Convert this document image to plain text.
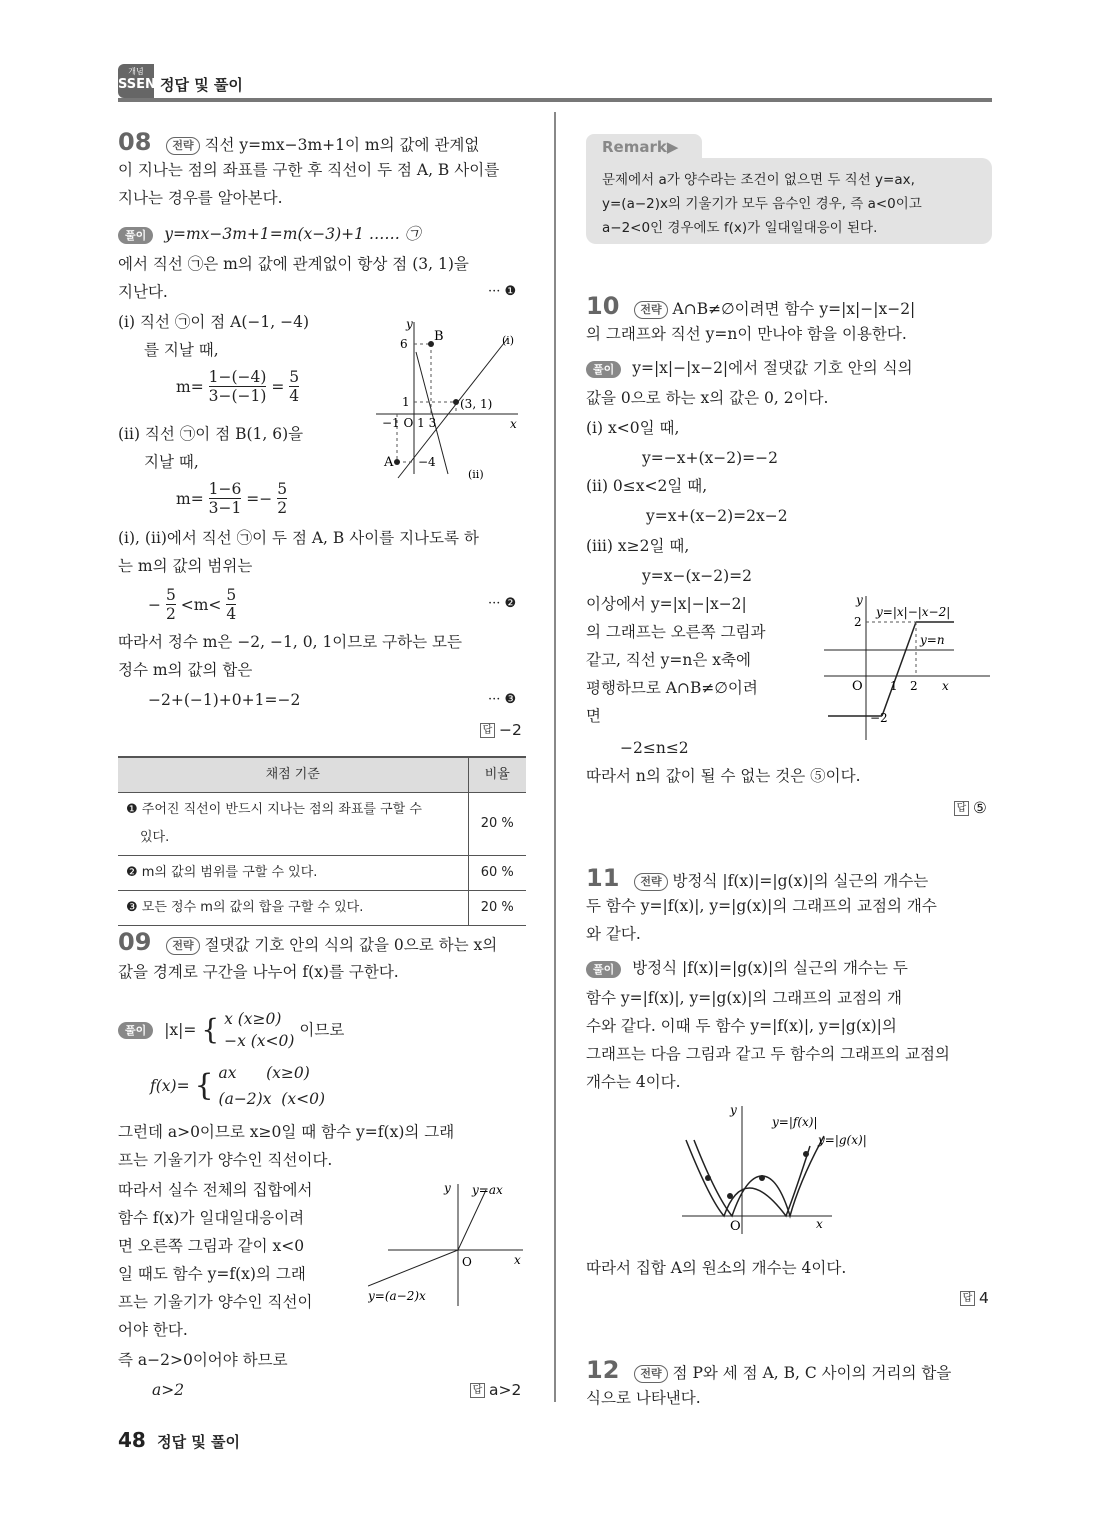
개념
SSEN 정답 및 풀이
08 전략 직선 y=mx−3m+1이 m의 값에 관계없
이 지나는 점의 좌표를 구한 후 직선이 두 점 A, B 사이를
지나는 경우를 알아본다.
풀이 y=mx−3m+1=m(x−3)+1 …… ㉠
에서 직선 ㉠은 m의 값에 관계없이 항상 점 (3, 1)을
지난다.	··· ❶
(ⅰ) 직선 ㉠이 점 A(−1, −4)
를 지날 때,
$m= \frac{1-(-4)}{3-(-1)} = \frac{5}{4}$
(ⅱ) 직선 ㉠이 점 B(1, 6)을
지날 때,
$m= \frac{1-6}{3-1} =- \frac{5}{2}$
(ⅰ), (ⅱ)에서 직선 ㉠이 두 점 A, B 사이를 지나도록 하
는 m의 값의 범위는
− $\frac{5}{2} <m< \frac{5}{4}$	··· ❷
따라서 정수 m은 −2, −1, 0, 1이므로 구하는 모든
정수 m의 값의 합은
−2+(−1)+0+1=−2	··· ❸
답 −2
y
x
B
A
(ⅰ)
(ⅱ)
6
1	(3, 1)
−1 O 1 3
−4
채점 기준	비율
❶ 주어진 직선이 반드시 지나는 점의 좌표를 구할 수
있다.	20 %
❷ m의 값의 범위를 구할 수 있다.	60 %
❸ 모든 정수 m의 값의 합을 구할 수 있다.	20 %
09 전략 절댓값 기호 안의 식의 값을 0으로 하는 x의
값을 경계로 구간을 나누어 f(x)를 구한다.
풀이 |x|= { x (x≥0)
−x (x<0)
이므로
f(x)= { ax      (x≥0)
(a−2)x  (x<0)
그런데 a>0이므로 x≥0일 때 함수 y=f(x)의 그래
프는 기울기가 양수인 직선이다.
따라서 실수 전체의 집합에서
함수 f(x)가 일대일대응이려
면 오른쪽 그림과 같이 x<0
일 때도 함수 y=f(x)의 그래
프는 기울기가 양수인 직선이
어야 한다.
즉 a−2>0이어야 하므로
a>2	답 a>2
y
x
O
y=ax
y=(a−2)x
Remark▶
문제에서 a가 양수라는 조건이 없으면 두 직선 y=ax,
y=(a−2)x의 기울기가 모두 음수인 경우, 즉 a<0이고
a−2<0인 경우에도 f(x)가 일대일대응이 된다.
10 전략 A∩B≠∅이려면 함수 y=|x|−|x−2|
의 그래프와 직선 y=n이 만나야 함을 이용한다.
풀이 y=|x|−|x−2|에서 절댓값 기호 안의 식의
값을 0으로 하는 x의 값은 0, 2이다.
(ⅰ) x<0일 때,
y=−x+(x−2)=−2
(ⅱ) 0≤x<2일 때,
y=x+(x−2)=2x−2
(ⅲ) x≥2일 때,
y=x−(x−2)=2
이상에서 y=|x|−|x−2|
의 그래프는 오른쪽 그림과
같고, 직선 y=n은 x축에
평행하므로 A∩B≠∅이려
면
−2≤n≤2
따라서 n의 값이 될 수 없는 것은 ⑤이다.
답 ⑤
y
x
O
2
1 2
−2
y=|x|−|x−2|
y=n
11 전략 방정식 |f(x)|=|g(x)|의 실근의 개수는
두 함수 y=|f(x)|, y=|g(x)|의 그래프의 교점의 개수
와 같다.
풀이 방정식 |f(x)|=|g(x)|의 실근의 개수는 두
함수 y=|f(x)|, y=|g(x)|의 그래프의 교점의 개
수와 같다. 이때 두 함수 y=|f(x)|, y=|g(x)|의
그래프는 다음 그림과 같고 두 함수의 그래프의 교점의
개수는 4이다.
y
x
O
y=|f(x)|
y=|g(x)|
따라서 집합 A의 원소의 개수는 4이다.
답 4
12 전략 점 P와 세 점 A, B, C 사이의 거리의 합을
식으로 나타낸다.
48 정답 및 풀이
